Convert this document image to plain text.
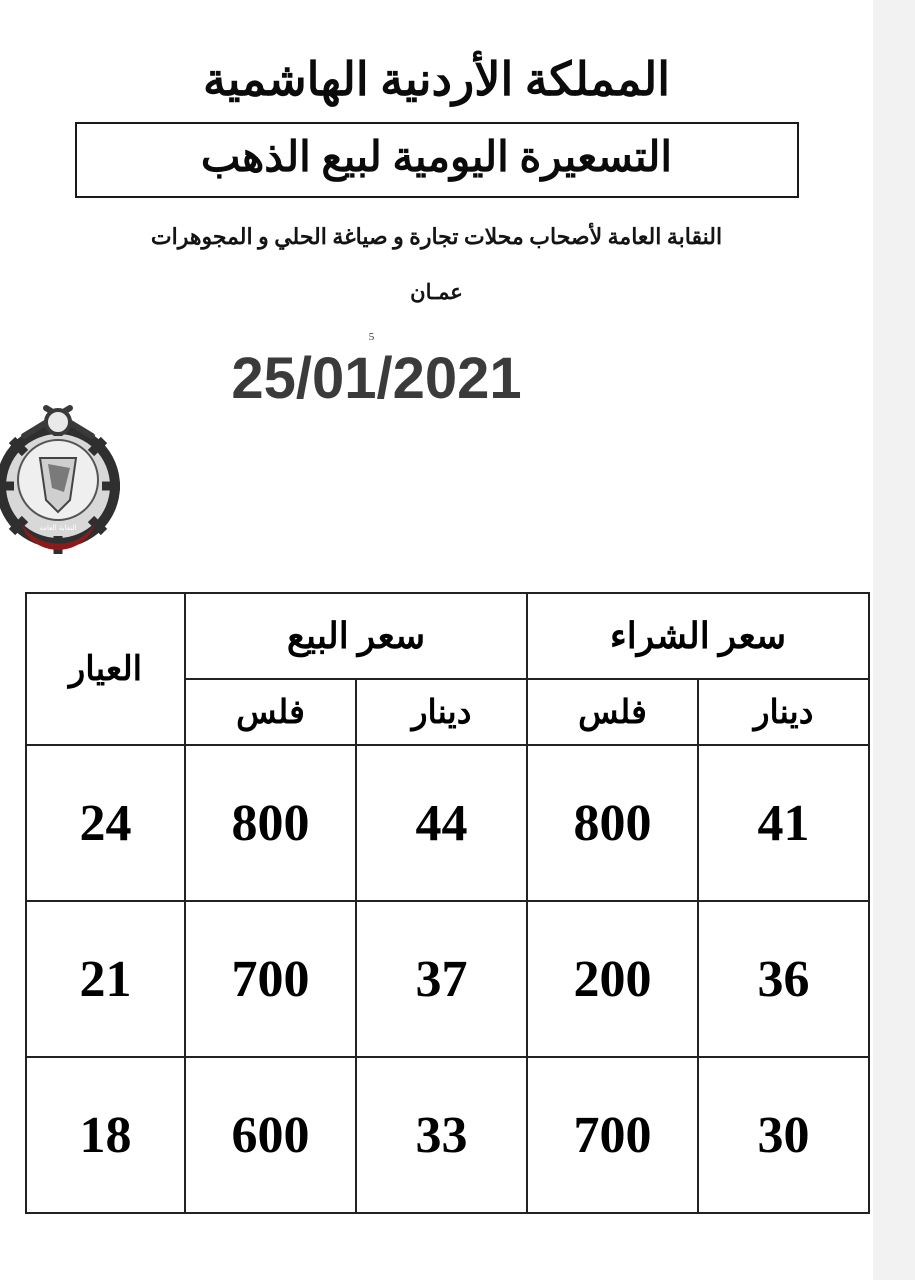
المملكة الأردنية الهاشمية
التسعيرة اليومية لبيع الذهب
النقابة العامة لأصحاب محلات تجارة و صياغة الحلي و المجوهرات
عمـان
5
25/01/2021
النقابة العامة
سعر الشراء		سعر البيع		العيار
دينار	فلس	دينار	فلس	
41	800	44	800	24
36	200	37	700	21
30	700	33	600	18
